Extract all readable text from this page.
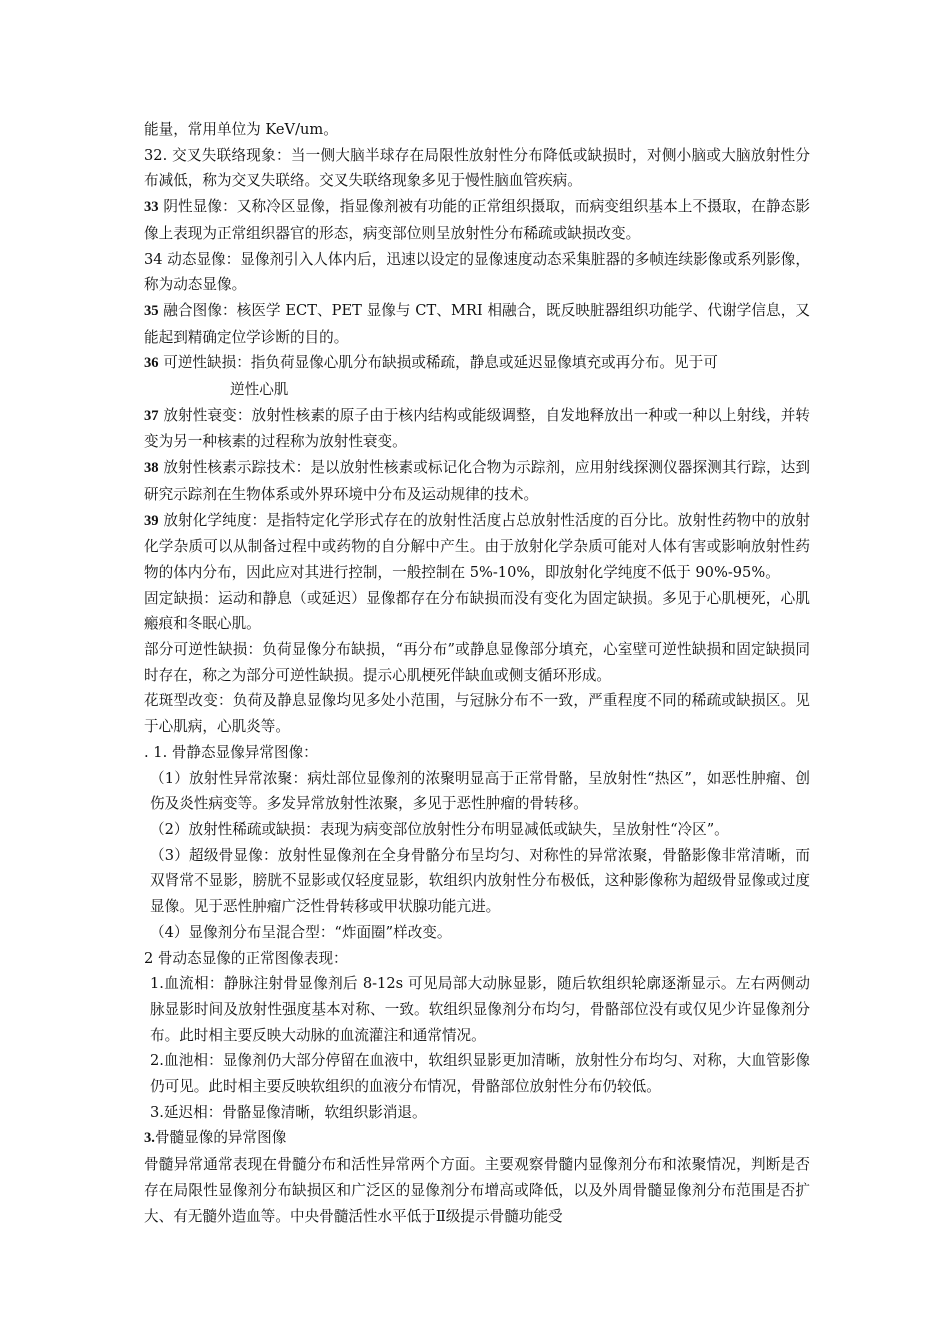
能量，常用单位为 KeV/um。

32. 交叉失联络现象：当一侧大脑半球存在局限性放射性分布降低或缺损时，对侧小脑或大脑放射性分布减低，称为交叉失联络。交叉失联络现象多见于慢性脑血管疾病。

33 阴性显像：又称冷区显像，指显像剂被有功能的正常组织摄取，而病变组织基本上不摄取，在静态影像上表现为正常组织器官的形态，病变部位则呈放射性分布稀疏或缺损改变。

34 动态显像：显像剂引入人体内后，迅速以设定的显像速度动态采集脏器的多帧连续影像或系列影像，称为动态显像。

35 融合图像：核医学 ECT、PET 显像与 CT、MRI 相融合，既反映脏器组织功能学、代谢学信息，又能起到精确定位学诊断的目的。

36 可逆性缺损：指负荷显像心肌分布缺损或稀疏，静息或延迟显像填充或再分布。见于可

逆性心肌

37 放射性衰变：放射性核素的原子由于核内结构或能级调整，自发地释放出一种或一种以上射线，并转变为另一种核素的过程称为放射性衰变。

38 放射性核素示踪技术：是以放射性核素或标记化合物为示踪剂，应用射线探测仪器探测其行踪，达到研究示踪剂在生物体系或外界环境中分布及运动规律的技术。

39 放射化学纯度：是指特定化学形式存在的放射性活度占总放射性活度的百分比。放射性药物中的放射化学杂质可以从制备过程中或药物的自分解中产生。由于放射化学杂质可能对人体有害或影响放射性药物的体内分布，因此应对其进行控制，一般控制在 5%-10%，即放射化学纯度不低于 90%-95%。

固定缺损：运动和静息（或延迟）显像都存在分布缺损而没有变化为固定缺损。多见于心肌梗死，心肌瘢痕和冬眠心肌。

部分可逆性缺损：负荷显像分布缺损，“再分布”或静息显像部分填充，心室壁可逆性缺损和固定缺损同时存在，称之为部分可逆性缺损。提示心肌梗死伴缺血或侧支循环形成。

花斑型改变：负荷及静息显像均见多处小范围，与冠脉分布不一致，严重程度不同的稀疏或缺损区。见于心肌病，心肌炎等。

. 1. 骨静态显像异常图像：

（1）放射性异常浓聚：病灶部位显像剂的浓聚明显高于正常骨骼，呈放射性“热区”，如恶性肿瘤、创伤及炎性病变等。多发异常放射性浓聚，多见于恶性肿瘤的骨转移。

（2）放射性稀疏或缺损：表现为病变部位放射性分布明显减低或缺失，呈放射性“冷区”。

（3）超级骨显像：放射性显像剂在全身骨骼分布呈均匀、对称性的异常浓聚，骨骼影像非常清晰，而双肾常不显影，膀胱不显影或仅轻度显影，软组织内放射性分布极低，这种影像称为超级骨显像或过度显像。见于恶性肿瘤广泛性骨转移或甲状腺功能亢进。

（4）显像剂分布呈混合型：“炸面圈”样改变。

2 骨动态显像的正常图像表现：

1.血流相：静脉注射骨显像剂后 8-12s 可见局部大动脉显影，随后软组织轮廓逐渐显示。左右两侧动脉显影时间及放射性强度基本对称、一致。软组织显像剂分布均匀，骨骼部位没有或仅见少许显像剂分布。此时相主要反映大动脉的血流灌注和通常情况。

2.血池相：显像剂仍大部分停留在血液中，软组织显影更加清晰，放射性分布均匀、对称，大血管影像仍可见。此时相主要反映软组织的血液分布情况，骨骼部位放射性分布仍较低。

3.延迟相：骨骼显像清晰，软组织影消退。

3.骨髓显像的异常图像

骨髓异常通常表现在骨髓分布和活性异常两个方面。主要观察骨髓内显像剂分布和浓聚情况，判断是否存在局限性显像剂分布缺损区和广泛区的显像剂分布增高或降低，以及外周骨髓显像剂分布范围是否扩大、有无髓外造血等。中央骨髓活性水平低于Ⅱ级提示骨髓功能受
